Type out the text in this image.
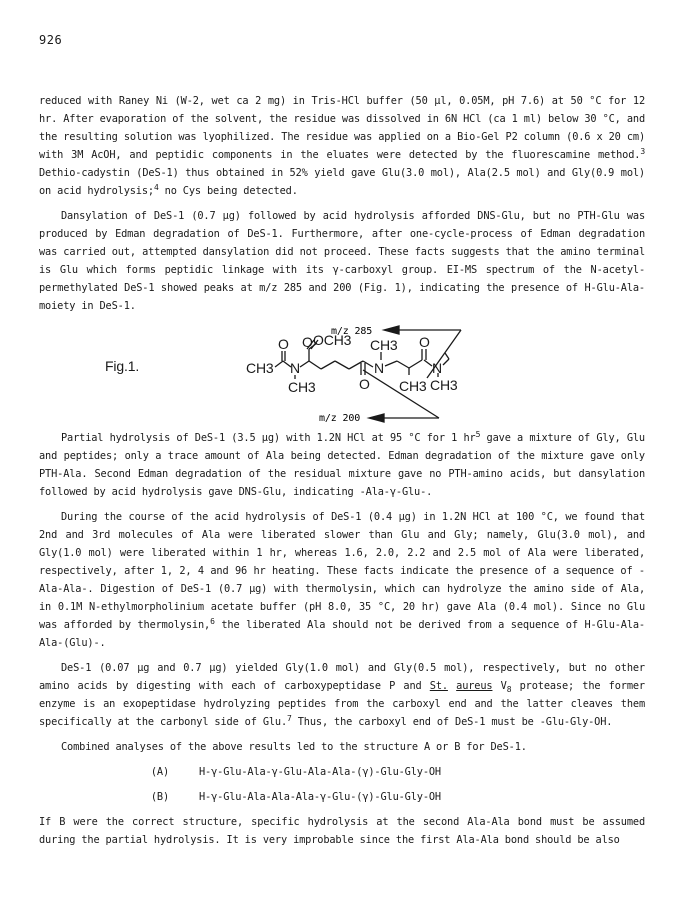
926

reduced with Raney Ni (W-2, wet ca 2 mg) in Tris-HCl buffer (50 μl, 0.05M, pH 7.6) at 50 °C for 12 hr. After evaporation of the solvent, the residue was dissolved in 6N HCl (ca 1 ml) below 30 °C, and the resulting solution was lyophilized. The residue was applied on a Bio-Gel P2 column (0.6 x 20 cm) with 3M AcOH, and peptidic components in the eluates were detected by the fluorescamine method.$^3$ Dethio-cadystin (DeS-1) thus obtained in 52% yield gave Glu(3.0 mol), Ala(2.5 mol) and Gly(0.9 mol) on acid hydrolysis;$^4$ no Cys being detected.

Dansylation of DeS-1 (0.7 μg) followed by acid hydrolysis afforded DNS-Glu, but no PTH-Glu was produced by Edman degradation of DeS-1. Furthermore, after one-cycle-process of Edman degradation was carried out, attempted dansylation did not proceed. These facts suggests that the amino terminal is Glu which forms peptidic linkage with its γ-carboxyl group. EI-MS spectrum of the N-acetyl-permethylated DeS-1 showed peaks at m/z 285 and 200 (Fig. 1), indicating the presence of H-Glu-Ala- moiety in DeS-1.

Fig.1.	CH3 N
O
CH3
O OCH3
N
CH3
O
O
CH3
N
CH3
m/z 285
m/z 200

Partial hydrolysis of DeS-1 (3.5 μg) with 1.2N HCl at 95 °C for 1 $hr^5$ gave a mixture of Gly, Glu and peptides; only a trace amount of Ala being detected. Edman degradation of the mixture gave only PTH-Ala. Second Edman degradation of the residual mixture gave no PTH-amino acids, but dansylation followed by acid hydrolysis gave DNS-Glu, indicating -Ala-γ-Glu-.

During the course of the acid hydrolysis of DeS-1 (0.4 μg) in 1.2N HCl at 100 °C, we found that 2nd and 3rd molecules of Ala were liberated slower than Glu and Gly; namely, Glu(3.0 mol), and Gly(1.0 mol) were liberated within 1 hr, whereas 1.6, 2.0, 2.2 and 2.5 mol of Ala were liberated, respectively, after 1, 2, 4 and 96 hr heating. These facts indicate the presence of a sequence of -Ala-Ala-. Digestion of DeS-1 (0.7 μg) with thermolysin, which can hydrolyze the amino side of Ala, in 0.1M N-ethylmorpholinium acetate buffer (pH 8.0, 35 °C, 20 hr) gave Ala (0.4 mol). Since no Glu was afforded by thermolysin,$^6$ the liberated Ala should not be derived from a sequence of H-Glu-Ala-Ala-(Glu)-.

DeS-1 (0.07 μg and 0.7 μg) yielded Gly(1.0 mol) and Gly(0.5 mol), respectively, but no other amino acids by digesting with each of carboxypeptidase P and St. aureus $V_8$ protease; the former enzyme is an exopeptidase hydrolyzing peptides from the carboxyl end and the latter cleaves them specifically at the carbonyl side of Glu.$^7$ Thus, the carboxyl end of DeS-1 must be -Glu-Gly-OH.

Combined analyses of the above results led to the structure A or B for DeS-1.

(A)	H-γ-Glu-Ala-γ-Glu-Ala-Ala-(γ)-Glu-Gly-OH
(B)	H-γ-Glu-Ala-Ala-Ala-γ-Glu-(γ)-Glu-Gly-OH

If B were the correct structure, specific hydrolysis at the second Ala-Ala bond must be assumed during the partial hydrolysis. It is very improbable since the first Ala-Ala bond should be also
